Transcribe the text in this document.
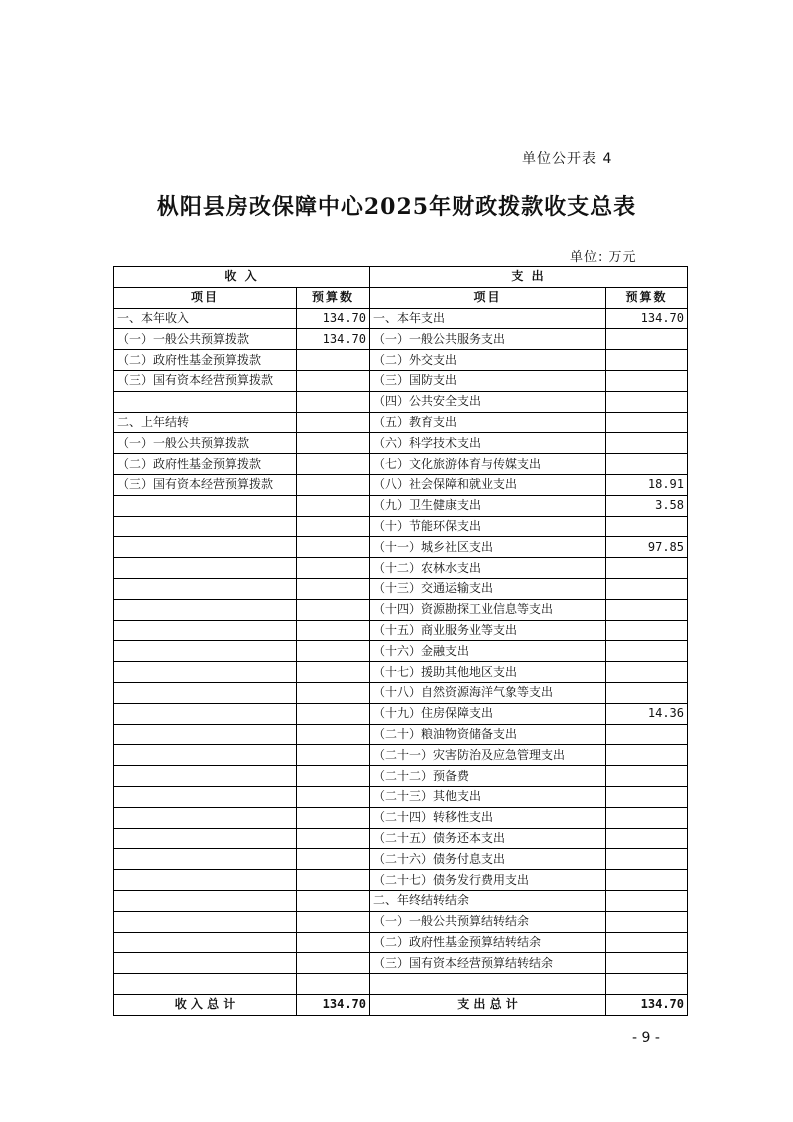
单位公开表 4
枞阳县房改保障中心2025年财政拨款收支总表
单位: 万元
收 入		支 出	
项目	预算数	项目	预算数
一、本年收入	134.70	一、本年支出	134.70
（一）一般公共预算拨款	134.70	（一）一般公共服务支出	
（二）政府性基金预算拨款		（二）外交支出	
（三）国有资本经营预算拨款		（三）国防支出	
		（四）公共安全支出	
二、上年结转		（五）教育支出	
（一）一般公共预算拨款		（六）科学技术支出	
（二）政府性基金预算拨款		（七）文化旅游体育与传媒支出	
（三）国有资本经营预算拨款		（八）社会保障和就业支出	18.91
		（九）卫生健康支出	3.58
		（十）节能环保支出	
		（十一）城乡社区支出	97.85
		（十二）农林水支出	
		（十三）交通运输支出	
		（十四）资源勘探工业信息等支出	
		（十五）商业服务业等支出	
		（十六）金融支出	
		（十七）援助其他地区支出	
		（十八）自然资源海洋气象等支出	
		（十九）住房保障支出	14.36
		（二十）粮油物资储备支出	
		（二十一）灾害防治及应急管理支出	
		（二十二）预备费	
		（二十三）其他支出	
		（二十四）转移性支出	
		（二十五）债务还本支出	
		（二十六）债务付息支出	
		（二十七）债务发行费用支出	
		二、年终结转结余	
		（一）一般公共预算结转结余	
		（二）政府性基金预算结转结余	
		（三）国有资本经营预算结转结余	

收 入 总 计	134.70	支 出 总 计	134.70
- 9 -
